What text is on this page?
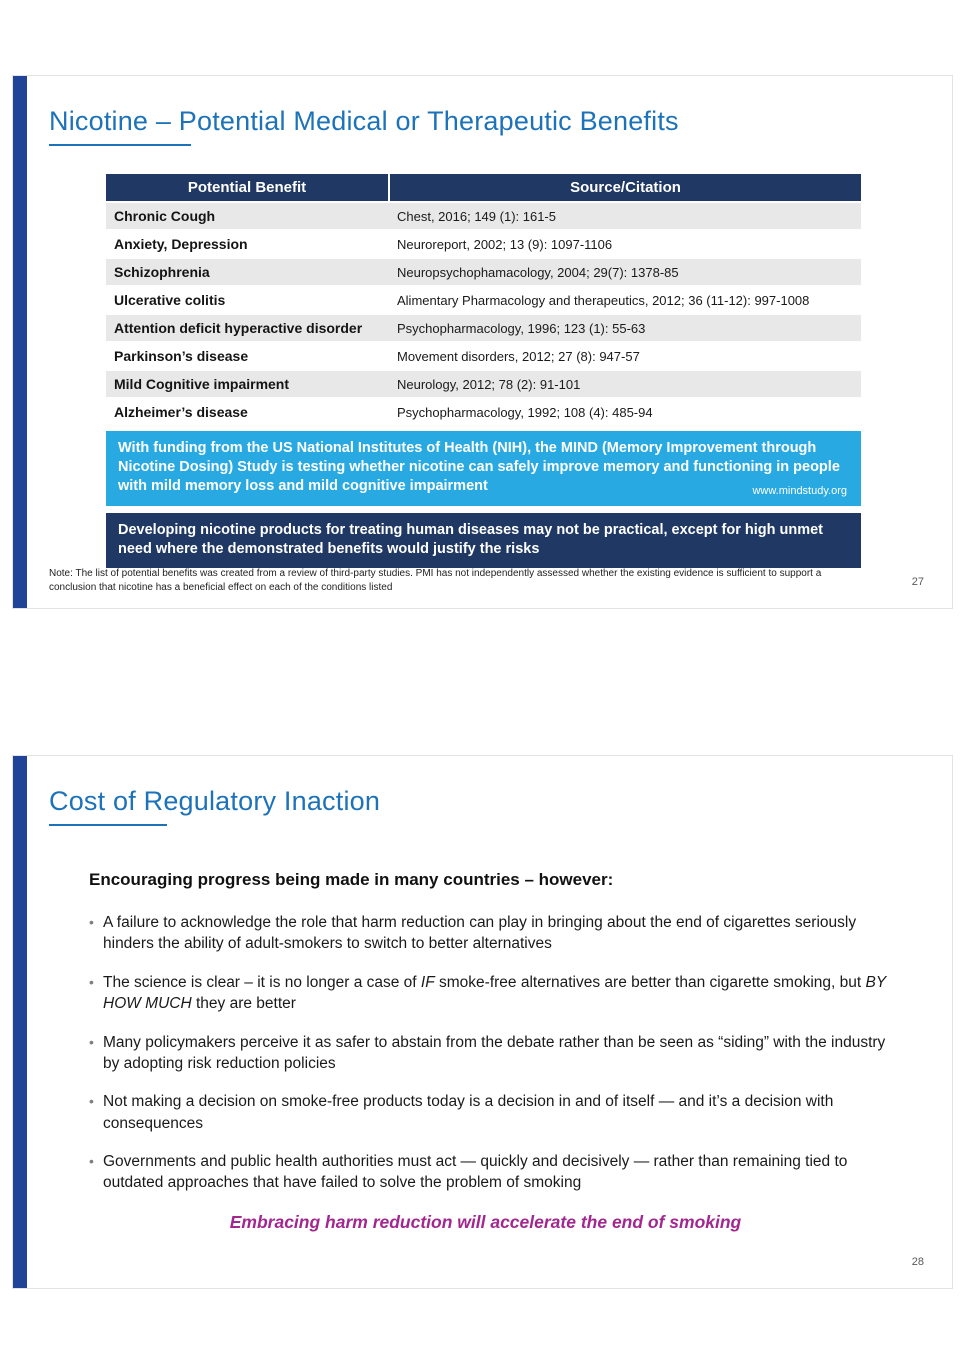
Nicotine – Potential Medical or Therapeutic Benefits
Potential Benefit	Source/Citation
Chronic Cough	Chest, 2016; 149 (1): 161-5
Anxiety, Depression	Neuroreport, 2002; 13 (9): 1097-1106
Schizophrenia	Neuropsychophamacology, 2004; 29(7): 1378-85
Ulcerative colitis	Alimentary Pharmacology and therapeutics, 2012; 36 (11-12): 997-1008
Attention deficit hyperactive disorder	Psychopharmacology, 1996; 123 (1): 55-63
Parkinson’s disease	Movement disorders, 2012; 27 (8): 947-57
Mild Cognitive impairment	Neurology, 2012; 78 (2): 91-101
Alzheimer’s disease	Psychopharmacology, 1992; 108 (4): 485-94
With funding from the US National Institutes of Health (NIH), the MIND (Memory Improvement through Nicotine Dosing) Study is testing whether nicotine can safely improve memory and functioning in people with mild memory loss and mild cognitive impairment	www.mindstudy.org
Developing nicotine products for treating human diseases may not be practical, except for high unmet need where the demonstrated benefits would justify the risks
Note: The list of potential benefits was created from a review of third-party studies. PMI has not independently assessed whether the existing evidence is sufficient to support a conclusion that nicotine has a beneficial effect on each of the conditions listed	27
Cost of Regulatory Inaction
Encouraging progress being made in many countries – however:
• A failure to acknowledge the role that harm reduction can play in bringing about the end of cigarettes seriously hinders the ability of adult-smokers to switch to better alternatives
• The science is clear – it is no longer a case of IF smoke-free alternatives are better than cigarette smoking, but BY HOW MUCH they are better
• Many policymakers perceive it as safer to abstain from the debate rather than be seen as “siding” with the industry by adopting risk reduction policies
• Not making a decision on smoke-free products today is a decision in and of itself — and it’s a decision with consequences
• Governments and public health authorities must act — quickly and decisively — rather than remaining tied to outdated approaches that have failed to solve the problem of smoking
Embracing harm reduction will accelerate the end of smoking
28
